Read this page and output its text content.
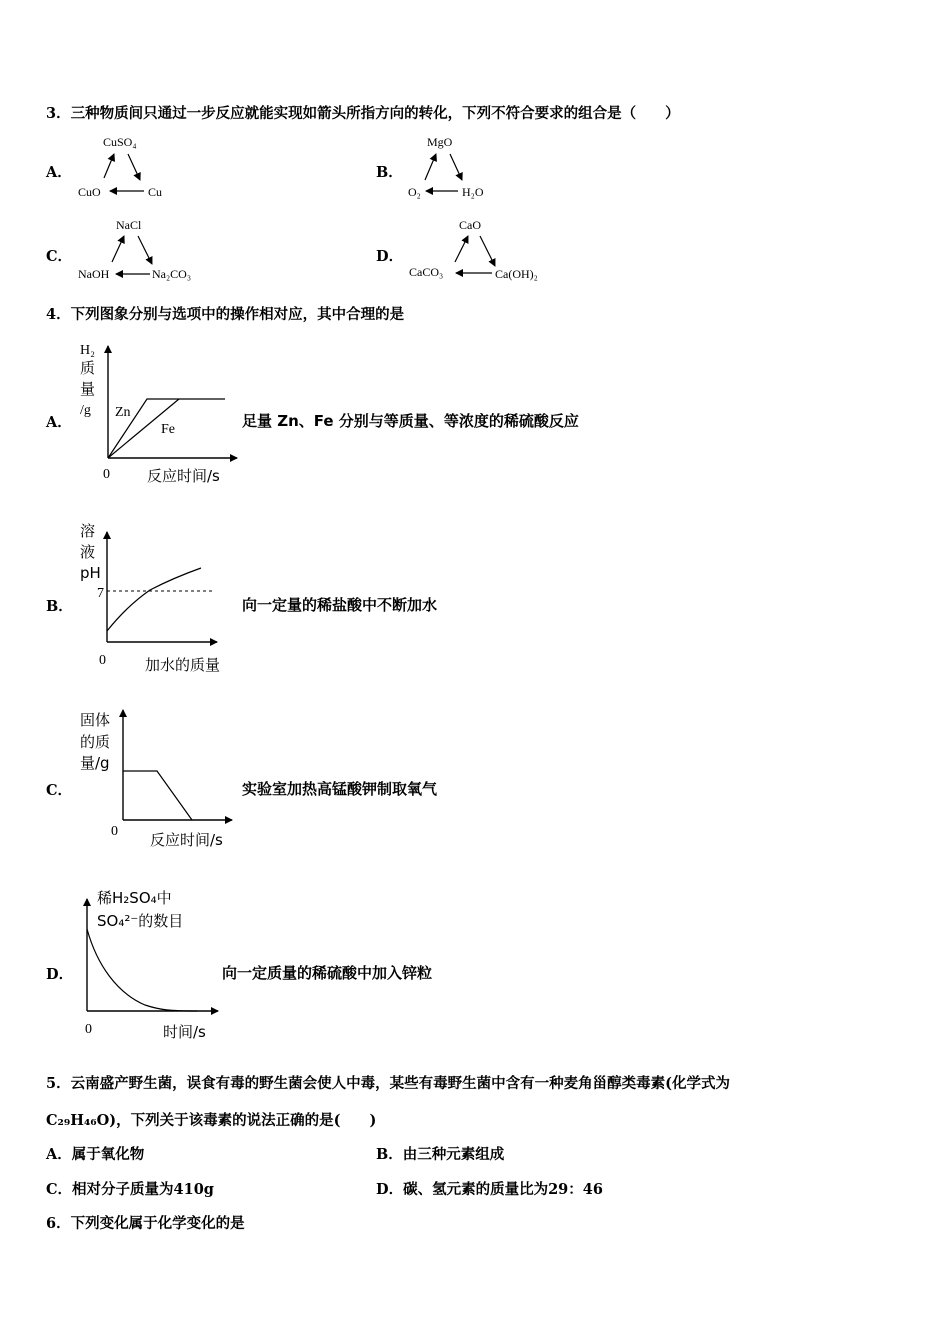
3．三种物质间只通过一步反应就能实现如箭头所指方向的转化，下列不符合要求的组合是（　　）
A．
CuSO₄
CuO	Cu
B．
MgO
O₂	H₂O
C．
NaCl
NaOH	Na₂CO₃
D．
CaO
CaCO₃	Ca(OH)₂
4．下列图象分别与选项中的操作相对应，其中合理的是
A．
H₂
质
量
/g Zn
Fe
0 反应时间/s
足量 Zn、Fe 分别与等质量、等浓度的稀硫酸反应
B．
溶
液
pH
7
0	加水的质量
向一定量的稀盐酸中不断加水
C．
固体
的质
量/g
0 反应时间/s
实验室加热高锰酸钾制取氧气
D．
稀H₂SO₄中
SO₄²⁻的数目
0	时间/s
向一定质量的稀硫酸中加入锌粒
5．云南盛产野生菌，误食有毒的野生菌会使人中毒，某些有毒野生菌中含有一种麦角甾醇类毒素(化学式为
C₂₉H₄₆O)，下列关于该毒素的说法正确的是(　　)
A．属于氧化物	B．由三种元素组成
C．相对分子质量为410g	D．碳、氢元素的质量比为29：46
6．下列变化属于化学变化的是
